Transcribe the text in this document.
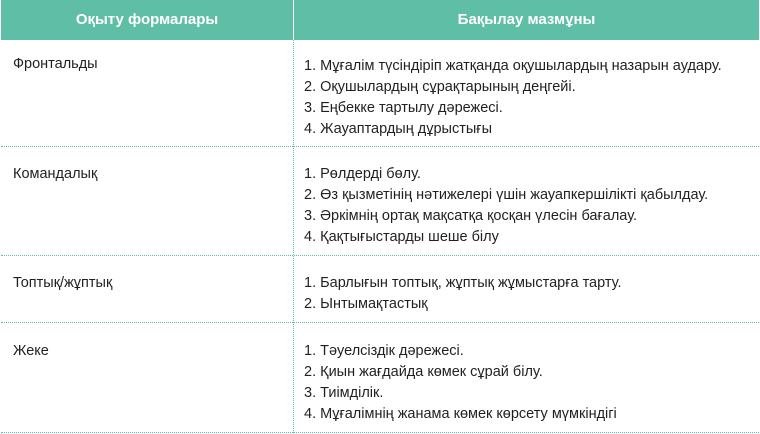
Оқыту формалары	Бақылау мазмұны
Фронтальды	1. Мұғалім түсіндіріп жатқанда оқушылардың назарын аудару.
2. Оқушылардың сұрақтарының деңгейі.
3. Еңбекке тартылу дәрежесі.
4. Жауаптардың дұрыстығы
Командалық	1. Рөлдерді бөлу.
2. Өз қызметінің нәтижелері үшін жауапкершілікті қабылдау.
3. Әркімнің ортақ мақсатқа қосқан үлесін бағалау.
4. Қақтығыстарды шеше білу
Топтық/жұптық	1. Барлығын топтық, жұптық жұмыстарға тарту.
2. Ынтымақтастық
Жеке	1. Тәуелсіздік дәрежесі.
2. Қиын жағдайда көмек сұрай білу.
3. Тиімділік.
4. Мұғалімнің жанама көмек көрсету мүмкіндігі
